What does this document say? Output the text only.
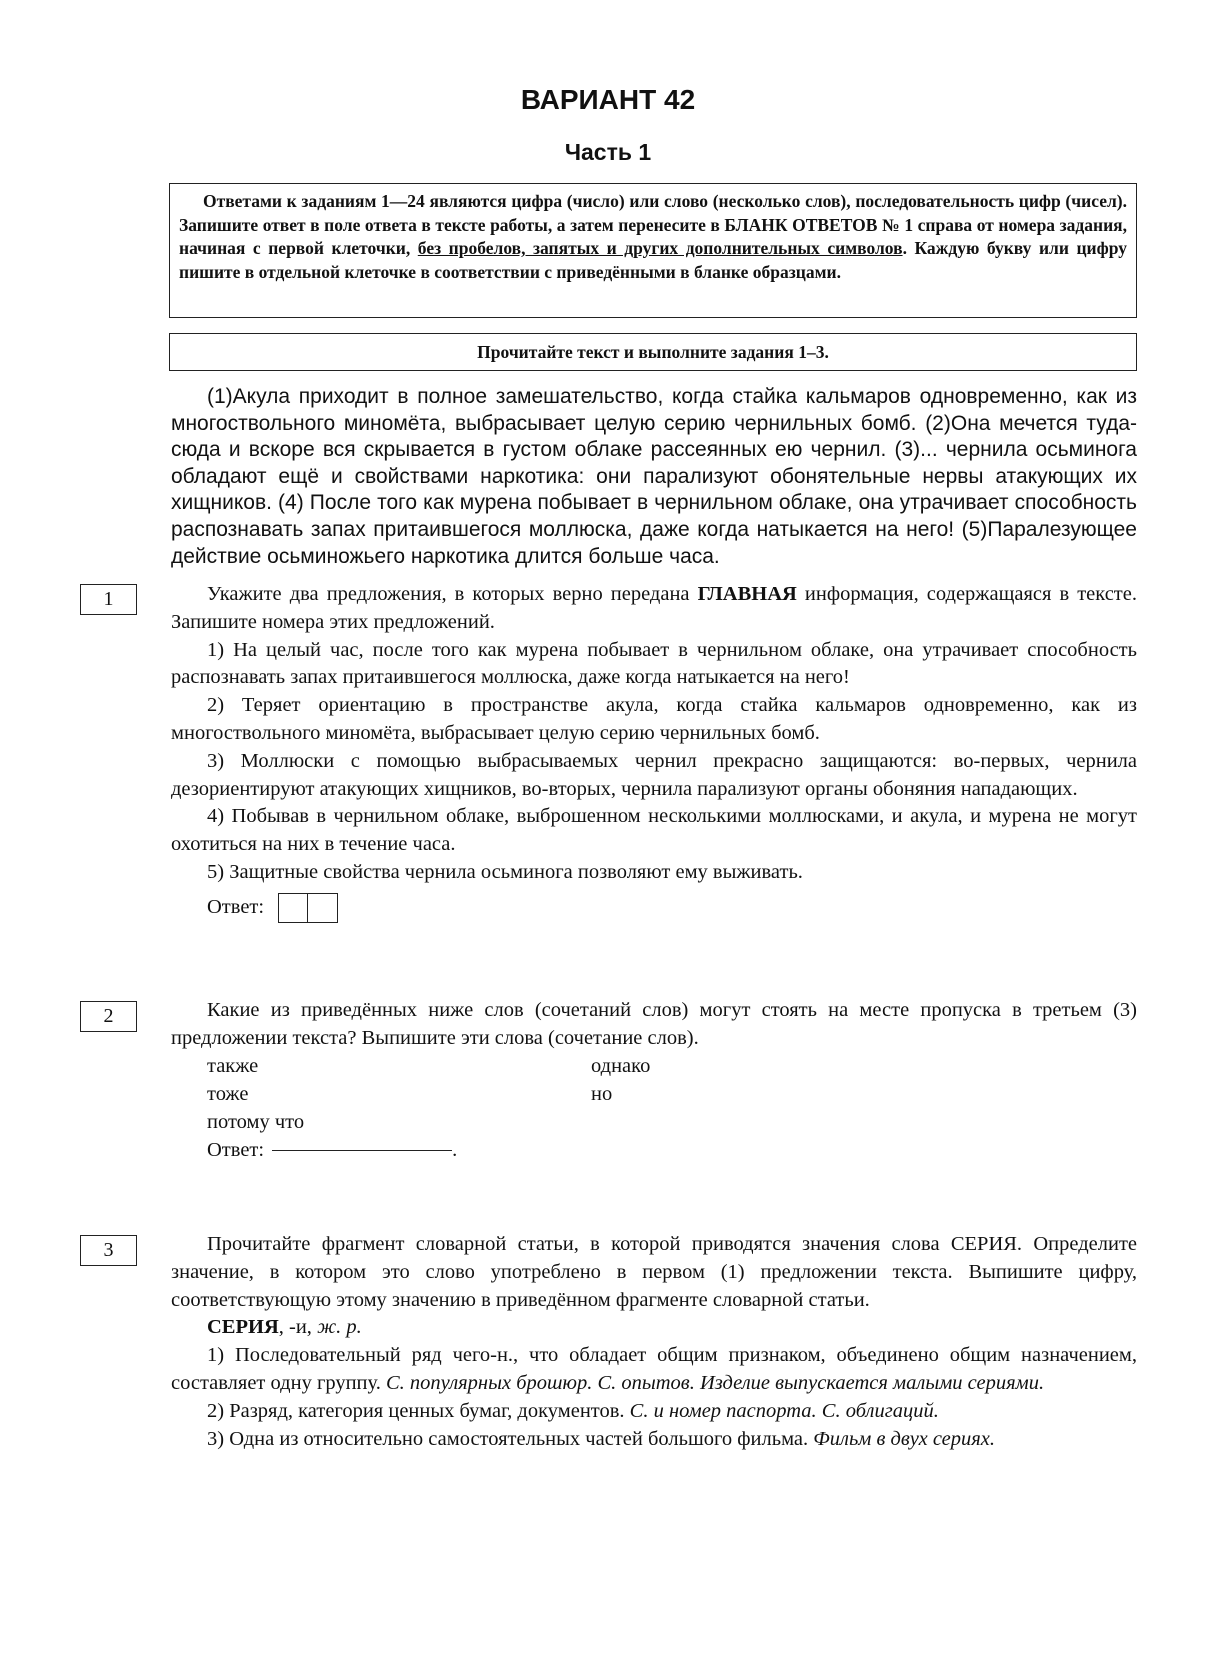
ВАРИАНТ 42
Часть 1
Ответами к заданиям 1—24 являются цифра (число) или слово (несколько слов), последовательность цифр (чисел). Запишите ответ в поле ответа в тексте работы, а затем перенесите в БЛАНК ОТВЕТОВ № 1 справа от номера задания, начиная с первой клеточки, без пробелов, запятых и других дополнительных символов. Каждую букву или цифру пишите в отдельной клеточке в соответствии с приведёнными в бланке образцами.
Прочитайте текст и выполните задания 1–3.

(1)Акула приходит в полное замешательство, когда стайка кальмаров одновременно, как из многоствольного миномёта, выбрасывает целую серию чернильных бомб. (2)Она мечется туда-сюда и вскоре вся скрывается в густом облаке рассеянных ею чернил. (3)... чернила осьминога обладают ещё и свойствами наркотика: они парализуют обонятельные нервы атакующих их хищников. (4) После того как мурена побывает в чернильном облаке, она утрачивает способность распознавать запах притаившегося моллюска, даже когда натыкается на него! (5)Паралезующее действие осьминожьего наркотика длится больше часа.

1	Укажите два предложения, в которых верно передана ГЛАВНАЯ информация, содержащаяся в тексте. Запишите номера этих предложений.

1) На целый час, после того как мурена побывает в чернильном облаке, она утрачивает способность распознавать запах притаившегося моллюска, даже когда натыкается на него!

2) Теряет ориентацию в пространстве акула, когда стайка кальмаров одновременно, как из многоствольного миномёта, выбрасывает целую серию чернильных бомб.

3) Моллюски с помощью выбрасываемых чернил прекрасно защищаются: во-первых, чернила дезориентируют атакующих хищников, во-вторых, чернила парализуют органы обоняния нападающих.

4) Побывав в чернильном облаке, выброшенном несколькими моллюсками, и акула, и мурена не могут охотиться на них в течение часа.

5) Защитные свойства чернила осьминога позволяют ему выживать.

Ответ:
2	Какие из приведённых ниже слов (сочетаний слов) могут стоять на месте пропуска в третьем (3) предложении текста? Выпишите эти слова (сочетание слов).

также	однако
тоже	но
потому что
Ответ:	.
3	Прочитайте фрагмент словарной статьи, в которой приводятся значения слова СЕРИЯ. Определите значение, в котором это слово употреблено в первом (1) предложении текста. Выпишите цифру, соответствующую этому значению в приведённом фрагменте словарной статьи.

СЕРИЯ, -и, ж. р.

1) Последовательный ряд чего-н., что обладает общим признаком, объединено общим назначением, составляет одну группу. С. популярных брошюр. С. опытов. Изделие выпускается малыми сериями.

2) Разряд, категория ценных бумаг, документов. С. и номер паспорта. С. облигаций.

3) Одна из относительно самостоятельных частей большого фильма. Фильм в двух сериях.
